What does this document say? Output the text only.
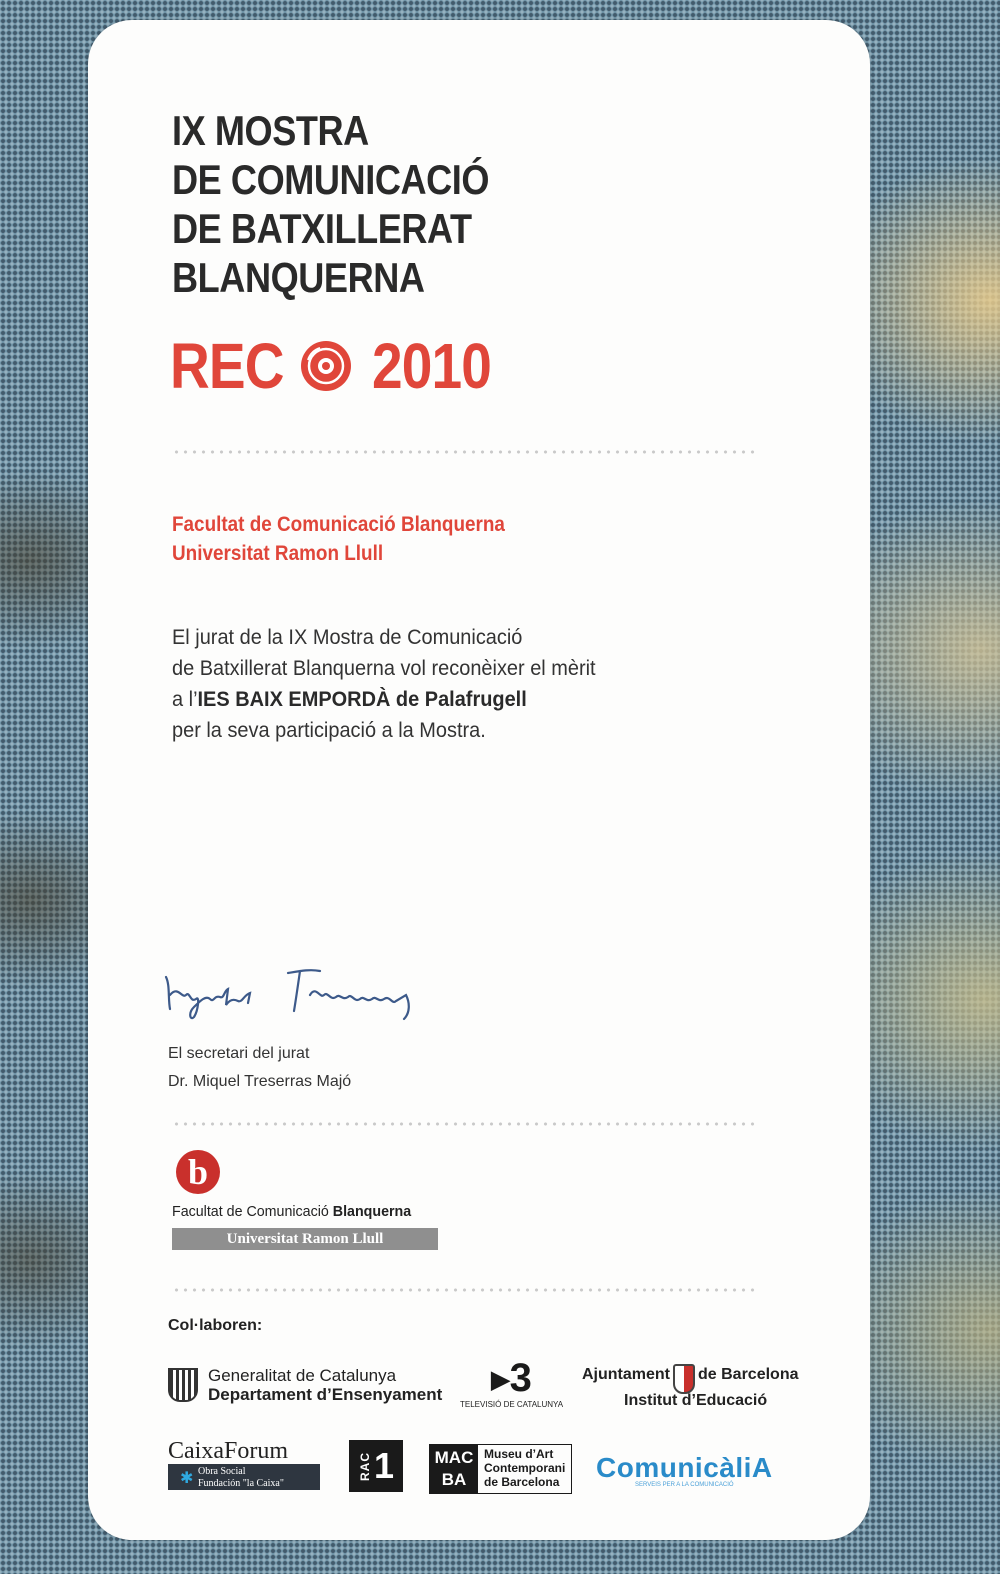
IX MOSTRA
DE COMUNICACIÓ
DE BATXILLERAT
BLANQUERNA
REC 2010

Facultat de Comunicació Blanquerna
Universitat Ramon Llull

El jurat de la IX Mostra de Comunicació
de Batxillerat Blanquerna vol reconèixer el mèrit
a l’IES BAIX EMPORDÀ de Palafrugell
per la seva participació a la Mostra.
El secretari del jurat
Dr. Miquel Treserras Majó
b
Facultat de Comunicació Blanquerna
Universitat Ramon Llull
Col·laboren:
Generalitat de Catalunya
Departament d’Ensenyament
▶3
TELEVISIÓ DE CATALUNYA
Ajuntament de Barcelona
Institut d’Educació
CaixaForum
Obra Social
Fundación "la Caixa"
✱	RAC 1 MAC
BA
Museu d’Art
Contemporani
de Barcelona ComunicàliA
SERVEIS PER A LA COMUNICACIÓ
